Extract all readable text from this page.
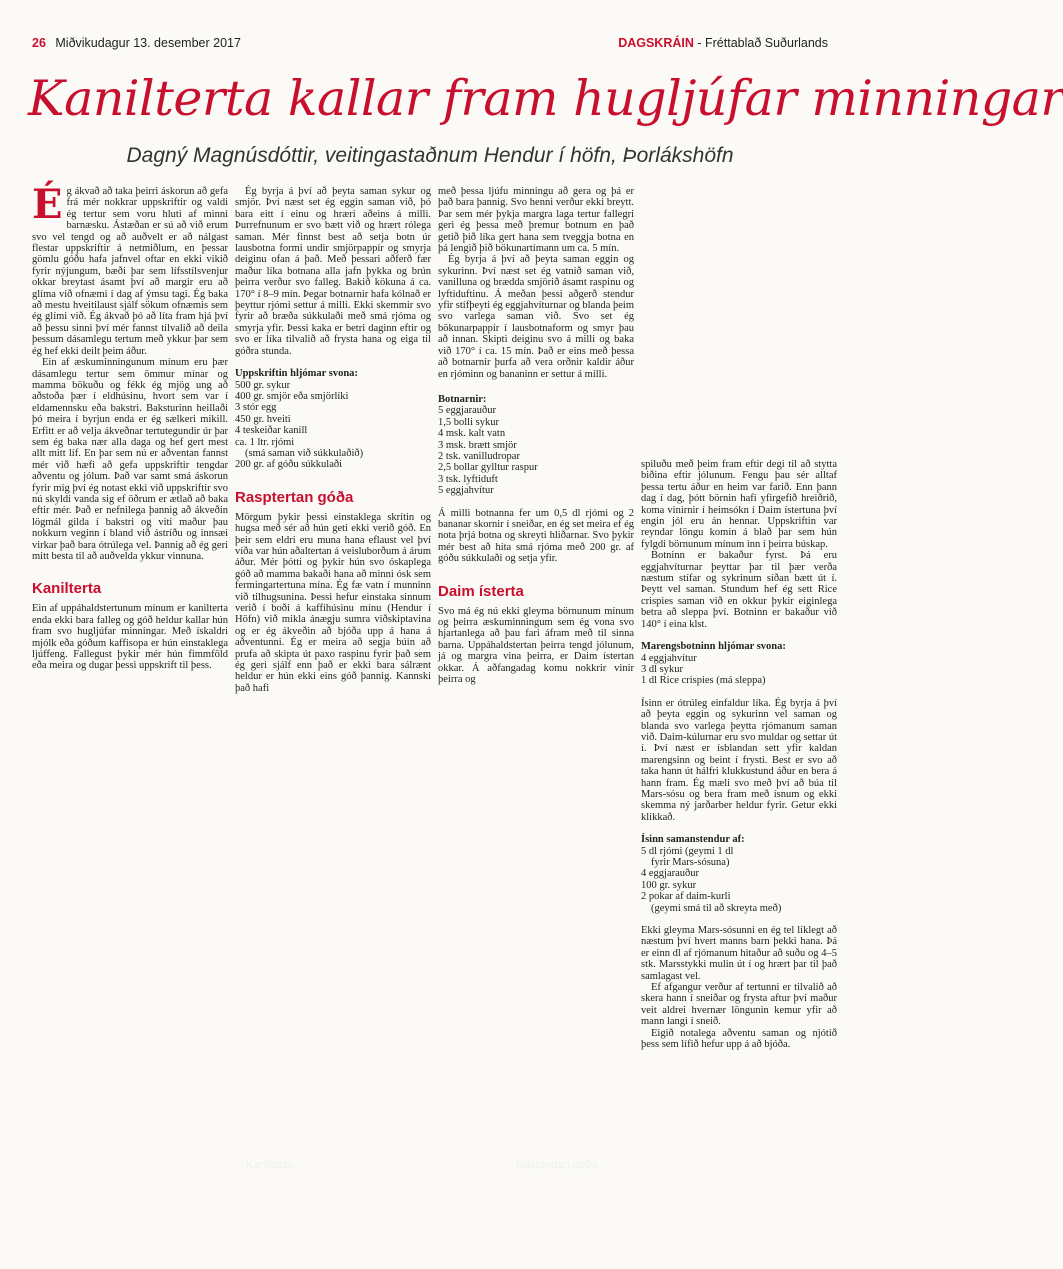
26 Miðvikudagur 13. desember 2017	DAGSKRÁIN - Fréttablað Suðurlands
Kanilterta kallar fram hugljúfar minningar
Dagný Magnúsdóttir, veitingastaðnum Hendur í höfn, Þorlákshöfn

Ég ákvað að taka þeirri áskorun að gefa frá mér nokkrar uppskriftir og valdi ég tertur sem voru hluti af minni barnæsku. Ástæðan er sú að við erum svo vel tengd og að auðvelt er að nálgast flestar uppskriftir á netmiðlum, en þessar gömlu góðu hafa jafnvel oftar en ekki vikið fyrir nýjungum, bæði þar sem lífsstílsvenjur okkar breytast ásamt því að margir eru að glíma við ofnæmi í dag af ýmsu tagi. Ég baka að mestu hveitilaust sjálf sökum ofnæmis sem ég glími við. Ég ákvað þó að líta fram hjá því að þessu sinni því mér fannst tilvalið að deila þessum dásamlegu tertum með ykkur þar sem ég hef ekki deilt þeim áður.

Ein af æskuminningunum mínum eru þær dásamlegu tertur sem ömmur mínar og mamma bökuðu og fékk ég mjög ung að aðstoða þær í eldhúsinu, hvort sem var í eldamennsku eða bakstri. Baksturinn heillaði þó meira í byrjun enda er ég sælkeri mikill. Erfitt er að velja ákveðnar tertutegundir úr þar sem ég baka nær alla daga og hef gert mest allt mitt líf. En þar sem nú er aðventan fannst mér við hæfi að gefa uppskriftir tengdar aðventu og jólum. Það var samt smá áskorun fyrir mig því ég notast ekki við uppskriftir svo nú skyldi vanda sig ef öðrum er ætlað að baka eftir mér. Það er nefnilega þannig að ákveðin lögmál gilda í bakstri og viti maður þau nokkurn veginn í bland við ástríðu og innsæi virkar það bara ótrúlega vel. Þannig að ég geri mitt besta til að auðvelda ykkur vinnuna.

Kanilterta

Ein af uppáhaldstertunum mínum er kanilterta enda ekki bara falleg og góð heldur kallar hún fram svo hugljúfar minningar. Með ískaldri mjólk eða góðum kaffisopa er hún einstaklega ljúffeng. Fallegust þykir mér hún fimmföld eða meira og dugar þessi uppskrift til þess.

Ég byrja á því að þeyta saman sykur og smjör. Því næst set ég eggin saman við, þó bara eitt í einu og hræri aðeins á milli. Þurrefnunum er svo bætt við og hrært rólega saman. Mér finnst best að setja botn úr lausbotna formi undir smjörpappír og smyrja deiginu ofan á það. Með þessari aðferð fær maður líka botnana alla jafn þykka og brún þeirra verður svo falleg. Bakið kökuna á ca. 170° í 8–9 mín. Þegar botnarnir hafa kólnað er þeyttur rjómi settur á milli. Ekki skemmir svo fyrir að bræða súkkulaði með smá rjóma og smyrja yfir. Þessi kaka er betri daginn eftir og svo er líka tilvalið að frysta hana og eiga til góðra stunda.

Uppskriftin hljómar svona:
500 gr. sykur
400 gr. smjör eða smjörlíki
3 stór egg
450 gr. hveiti
4 teskeiðar kanill
ca. 1 ltr. rjómi
(smá saman við súkkulaðið)
200 gr. af góðu súkkulaði
Rasptertan góða

Mörgum þykir þessi einstaklega skrítin og hugsa með sér að hún geti ekki verið góð. En þeir sem eldri eru muna hana eflaust vel því víða var hún aðaltertan á veisluborðum á árum áður. Mér þótti og þykir hún svo óskaplega góð að mamma bakaði hana að minni ósk sem fermingartertuna mína. Ég fæ vatn í munninn við tilhugsunina. Þessi hefur einstaka sinnum verið í boði á kaffihúsinu mínu (Hendur í Höfn) við mikla ánægju sumra viðskiptavina og er ég ákveðin að bjóða upp á hana á aðventunni. Ég er meira að segja búin að prufa að skipta út paxo raspinu fyrir það sem ég geri sjálf enn það er ekki bara sálrænt heldur er hún ekki eins góð þannig. Kannski það hafi

með þessa ljúfu minningu að gera og þá er það bara þannig. Svo henni verður ekki breytt. Þar sem mér þykja margra laga tertur fallegri geri ég þessa með þremur botnum en það getið þið líka gert hana sem tveggja botna en þá lengið þið bökunartímann um ca. 5 mín.

Ég byrja á því að þeyta saman eggin og sykurinn. Því næst set ég vatnið saman við, vanilluna og brædda smjörið ásamt raspinu og lyftiduftinu. Á meðan þessi aðgerð stendur yfir stífþeyti ég eggjahvíturnar og blanda þeim svo varlega saman við. Svo set ég bökunarpappír í lausbotnaform og smyr þau að innan. Skipti deiginu svo á milli og baka við 170° í ca. 15 mín. Það er eins með þessa að botnarnir þurfa að vera orðnir kaldir áður en rjóminn og bananinn er settur á milli.

Botnarnir:
5 eggjarauður
1,5 bolli sykur
4 msk. kalt vatn
3 msk. brætt smjör
2 tsk. vanilludropar
2,5 bollar gylltur raspur
3 tsk. lyftiduft
5 eggjahvítur

Á milli botnanna fer um 0,5 dl rjómi og 2 bananar skornir í sneiðar, en ég set meira ef ég nota þrjá botna og skreyti hliðarnar. Svo þykir mér best að hita smá rjóma með 200 gr. af góðu súkkulaði og setja yfir.

Daim ísterta

Svo má ég nú ekki gleyma börnunum mínum og þeirra æskuminningum sem ég vona svo hjartanlega að þau fari áfram með til sinna barna. Uppáhaldstertan þeirra tengd jólunum, já og margra vina þeirra, er Daim ístertan okkar. Á aðfangadag komu nokkrir vinir þeirra og

spiluðu með þeim fram eftir degi til að stytta biðina eftir jólunum. Fengu þau sér alltaf þessa tertu áður en heim var farið. Enn þann dag í dag, þótt börnin hafi yfirgefið hreiðrið, koma vinirnir í heimsókn í Daim ístertuna því engin jól eru án hennar. Uppskriftin var reyndar löngu komin á blað þar sem hún fylgdi börnunum mínum inn í þeirra búskap.

Botninn er bakaður fyrst. Þá eru eggjahvíturnar þeyttar þar til þær verða næstum stífar og sykrinum síðan bætt út í. Þeytt vel saman. Stundum hef ég sett Rice crispies saman við en okkur þykir eiginlega betra að sleppa því. Botninn er bakaður við 140° í eina klst.

Marengsbotninn hljómar svona:
4 eggjahvítur
3 dl sykur
1 dl Rice crispies (má sleppa)

Ísinn er ótrúleg einfaldur líka. Ég byrja á því að þeyta eggin og sykurinn vel saman og blanda svo varlega þeytta rjómanum saman við. Daim-kúlurnar eru svo muldar og settar út í. Því næst er ísblandan sett yfir kaldan marengsinn og beint í frysti. Best er svo að taka hann út hálfri klukkustund áður en bera á hann fram. Ég mæli svo með því að búa til Mars-sósu og bera fram með ísnum og ekki skemma ný jarðarber heldur fyrir. Getur ekki klikkað.

Ísinn samanstendur af:
5 dl rjómi (geymi 1 dl
fyrir Mars-sósuna)
4 eggjarauður
100 gr. sykur
2 pokar af daim-kurli
(geymi smá til að skreyta með)

Ekki gleyma Mars-sósunni en ég tel líklegt að næstum því hvert manns barn þekki hana. Þá er einn dl af rjómanum hitaður að suðu og 4–5 stk. Marsstykki mulin út í og hrært þar til það samlagast vel.

Ef afgangur verður af tertunni er tilvalið að skera hann í sneiðar og frysta aftur því maður veit aldrei hvernær löngunin kemur yfir að mann langi í sneið.

Eigið notalega aðventu saman og njótið þess sem lífið hefur upp á að bjóða.

Kanilterta	Rasptertan góða
